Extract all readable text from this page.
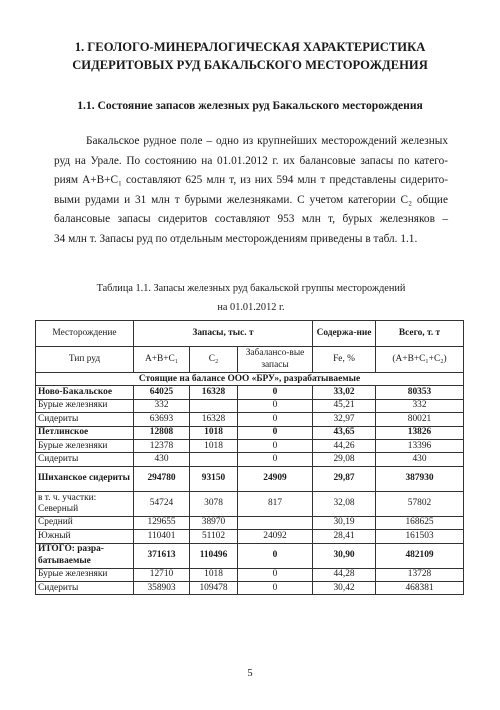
1. ГЕОЛОГО-МИНЕРАЛОГИЧЕСКАЯ ХАРАКТЕРИСТИКА
СИДЕРИТОВЫХ РУД БАКАЛЬСКОГО МЕСТОРОЖДЕНИЯ
1.1. Состояние запасов железных руд Бакальского месторождения
Бакальское рудное поле – одно из крупнейших месторождений железных
руд на Урале. По состоянию на 01.01.2012 г. их балансовые запасы по катего-
риям А+В+С₁ составляют 625 млн т, из них 594 млн т представлены сидерито-
выми рудами и 31 млн т бурыми железняками. С учетом категории С₂ общие
балансовые запасы сидеритов составляют 953 млн т, бурых железняков –
34 млн т. Запасы руд по отдельным месторождениям приведены в табл. 1.1.
Таблица 1.1. Запасы железных руд бакальской группы месторождений
на 01.01.2012 г.
Месторождение	Запасы, тыс. т			Содержа-ние	Всего, т. т
Тип руд	А+В+С₁	С₂	Забалансо-вые запасы	Fe, %	(А+В+С₁+С₂)
Стоящие на балансе ООО «БРУ», разрабатываемые					
Ново-Бакальское	64025	16328	0	33,02	80353
Бурые железняки	332		0	45,21	332
Сидериты	63693	16328	0	32,97	80021
Петлинское	12808	1018	0	43,65	13826
Бурые железняки	12378	1018	0	44,26	13396
Сидериты	430		0	29,08	430
Шиханское сидериты	294780	93150	24909	29,87	387930
в т. ч. участки: Северный	54724	3078	817	32,08	57802
Средний	129655	38970		30,19	168625
Южный	110401	51102	24092	28,41	161503
ИТОГО: разра-батываемые	371613	110496	0	30,90	482109
Бурые железняки	12710	1018	0	44,28	13728
Сидериты	358903	109478	0	30,42	468381
5
